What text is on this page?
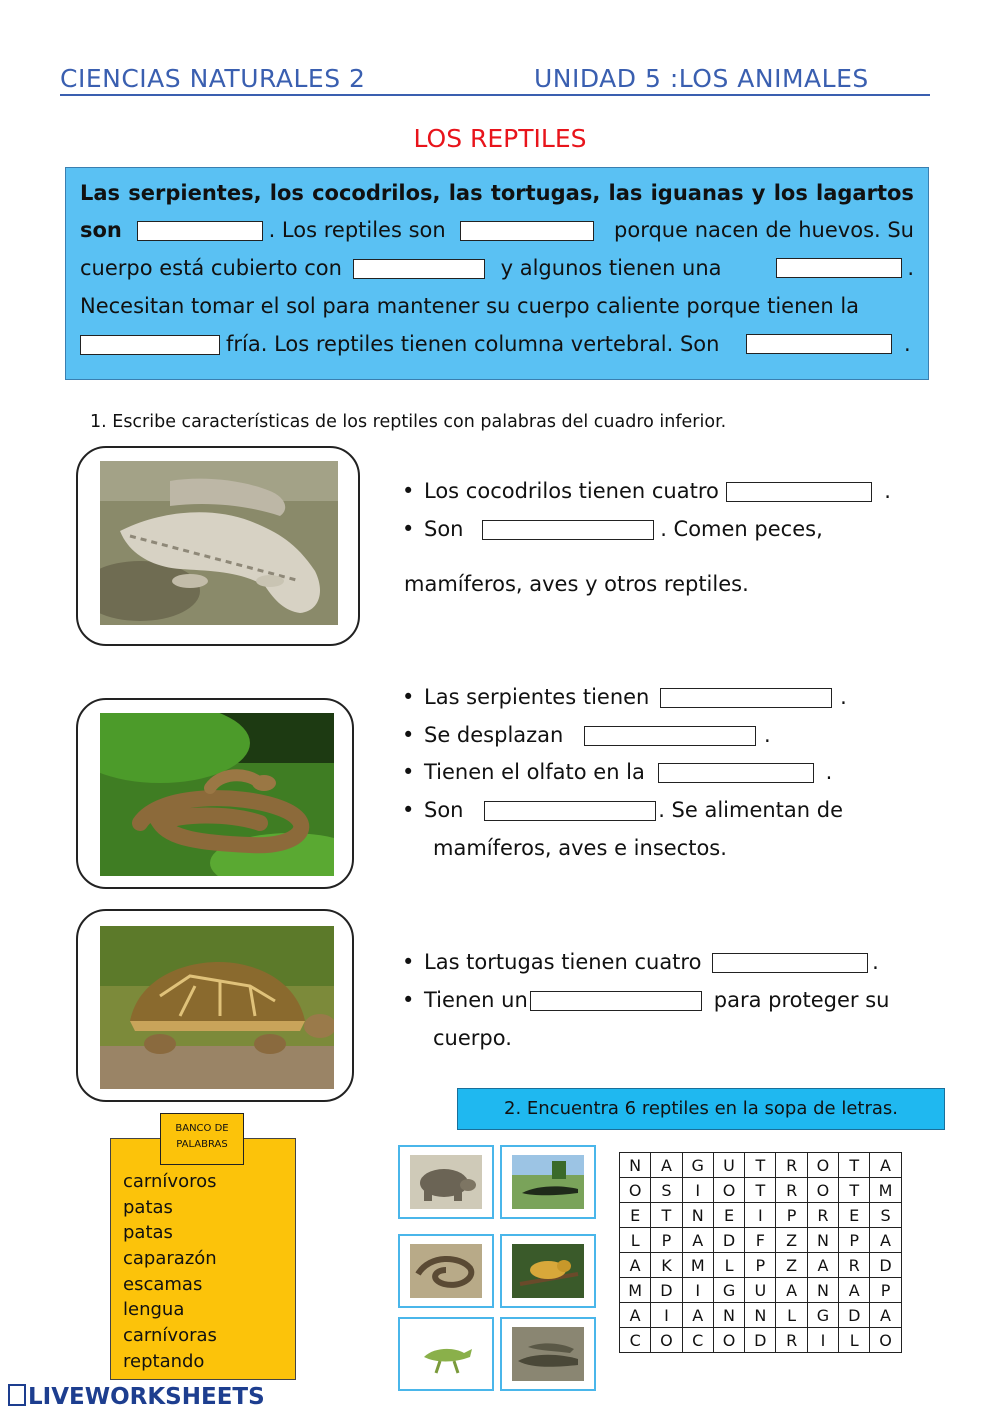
CIENCIAS NATURALES 2	UNIDAD 5 :LOS ANIMALES
LOS REPTILES
Las serpientes, los cocodrilos, las tortugas, las iguanas y los lagartos
son	. Los reptiles son	porque nacen de huevos. Su
cuerpo está cubierto con	y algunos tienen una	.
Necesitan tomar el sol para mantener su cuerpo caliente porque tienen la
fría. Los reptiles tienen columna vertebral. Son	.
1. Escribe características de los reptiles con palabras del cuadro inferior.
• Los cocodrilos tienen cuatro	.
• Son	. Comen peces,
mamíferos, aves y otros reptiles.
• Las serpientes tienen	.
• Se desplazan	.
• Tienen el olfato en la	.
• Son	. Se alimentan de
mamíferos, aves e insectos.
• Las tortugas tienen cuatro	.
• Tienen un	para proteger su
cuerpo.
2. Encuentra 6 reptiles en la sopa de letras.
carnívoros
patas
patas
caparazón
escamas
lengua
carnívoras
reptando
BANCO DE
PALABRAS
N	A	G	U	T	R	O	T	A
O	S	I	O	T	R	O	T	M
E	T	N	E	I	P	R	E	S
L	P	A	D	F	Z	N	P	A
A	K	M	L	P	Z	A	R	D
M	D	I	G	U	A	N	A	P
A	I	A	N	N	L	G	D	A
C	O	C	O	D	R	I	L	O
LIVEWORKSHEETS
